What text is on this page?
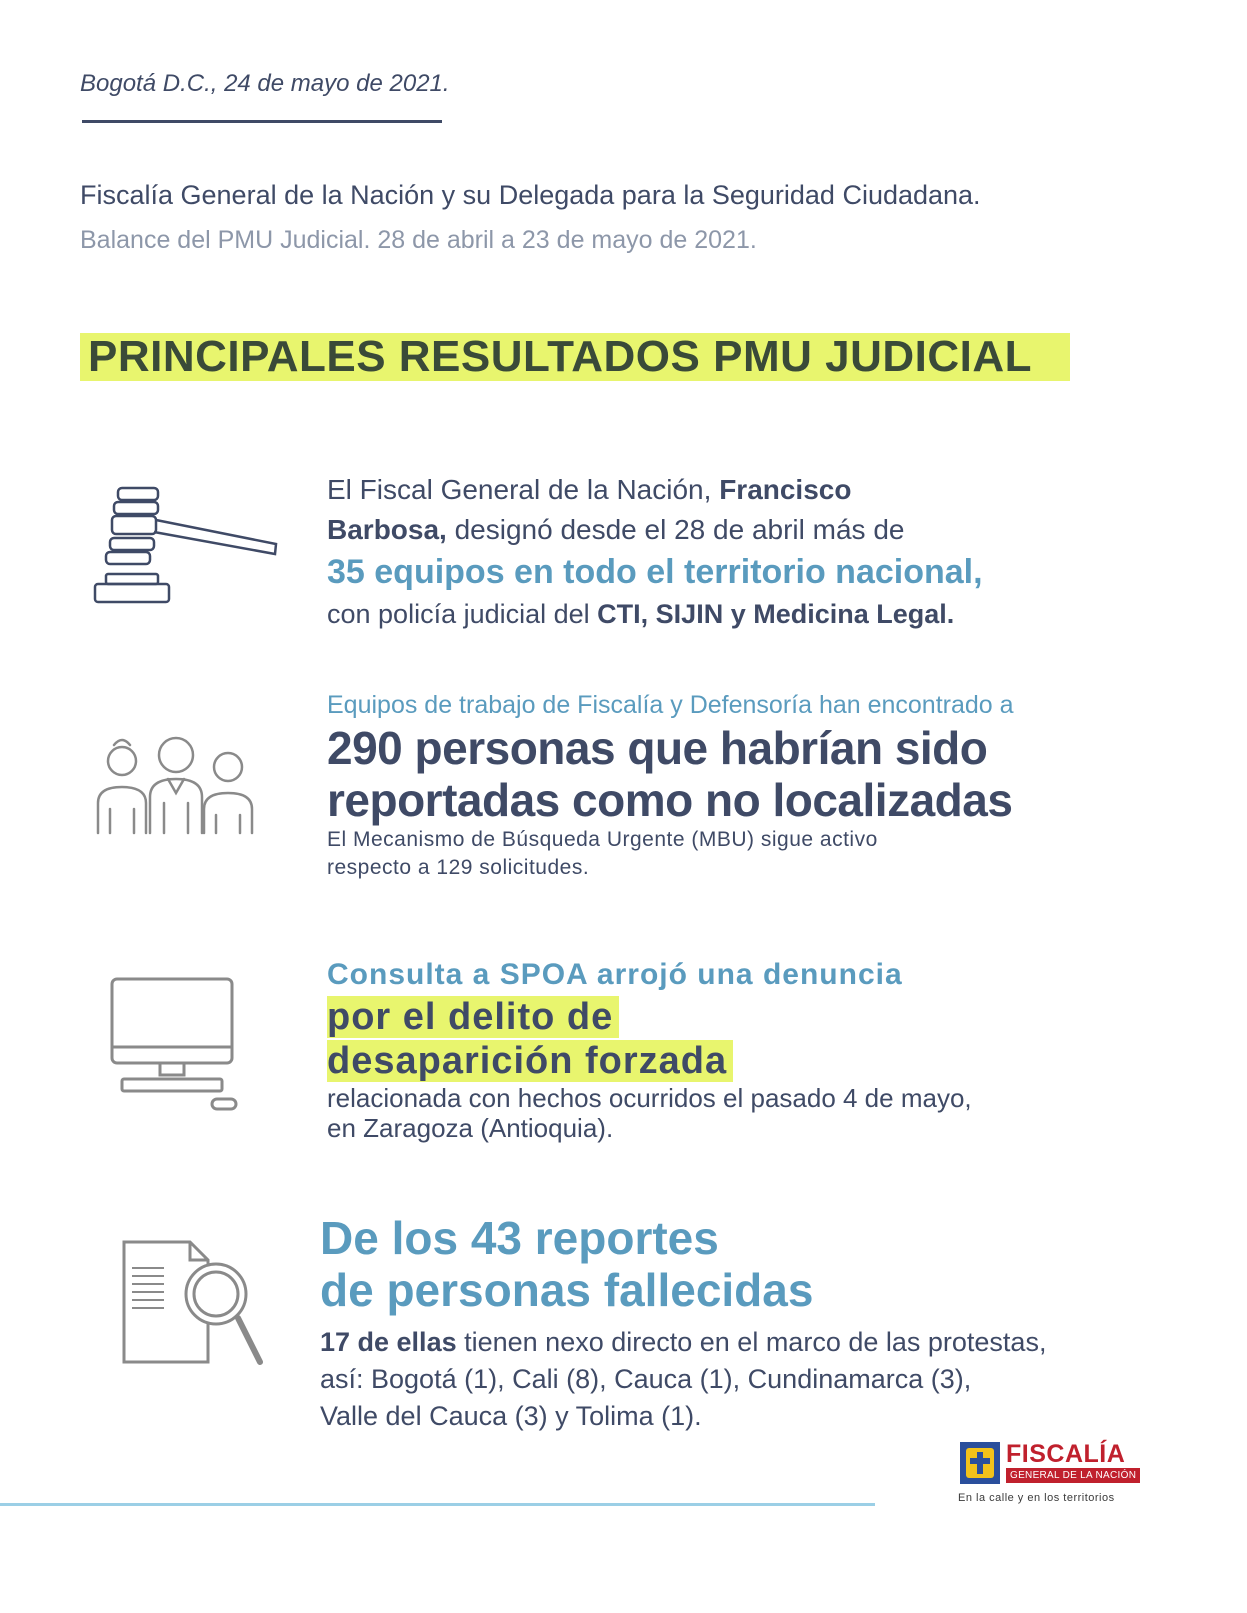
Bogotá D.C., 24 de mayo de 2021.
Fiscalía General de la Nación y su Delegada para la Seguridad Ciudadana.
Balance del PMU Judicial. 28 de abril a 23 de mayo de 2021.
PRINCIPALES RESULTADOS PMU JUDICIAL
El Fiscal General de la Nación, Francisco
Barbosa, designó desde el 28 de abril más de
35 equipos en todo el territorio nacional,
con policía judicial del CTI, SIJIN y Medicina Legal.
Equipos de trabajo de Fiscalía y Defensoría han encontrado a
290 personas que habrían sido
reportadas como no localizadas
El Mecanismo de Búsqueda Urgente (MBU) sigue activo
respecto a 129 solicitudes.
Consulta a SPOA arrojó una denuncia
por el delito de
desaparición forzada
relacionada con hechos ocurridos el pasado 4 de mayo,
en Zaragoza (Antioquia).
De los 43 reportes
de personas fallecidas
17 de ellas tienen nexo directo en el marco de las protestas,
así: Bogotá (1), Cali (8), Cauca (1), Cundinamarca (3),
Valle del Cauca (3) y Tolima (1).
FISCALÍA
GENERAL DE LA NACIÓN
En la calle y en los territorios
